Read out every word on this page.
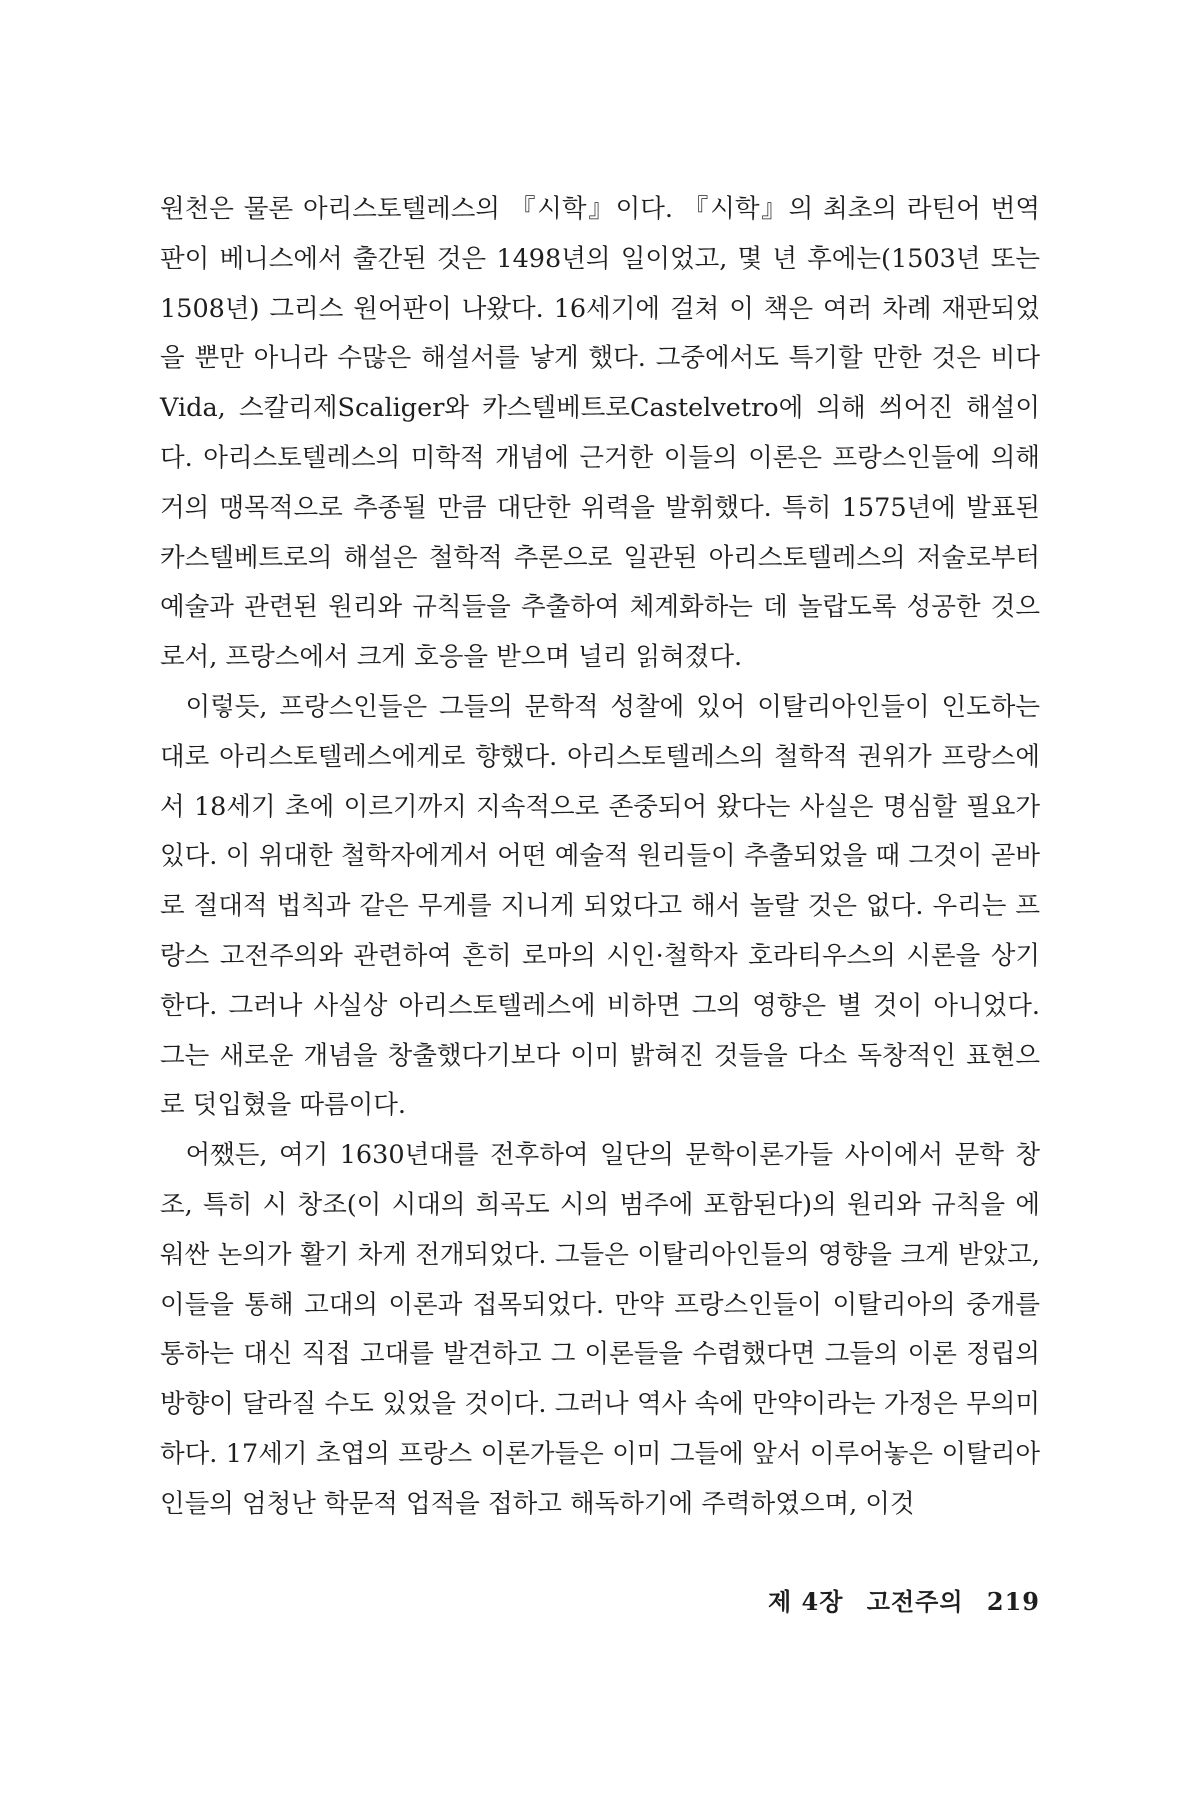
원천은 물론 아리스토텔레스의 『시학』이다. 『시학』의 최초의 라틴어 번역판이 베니스에서 출간된 것은 1498년의 일이었고, 몇 년 후에는(1503년 또는 1508년) 그리스 원어판이 나왔다. 16세기에 걸쳐 이 책은 여러 차례 재판되었을 뿐만 아니라 수많은 해설서를 낳게 했다. 그중에서도 특기할 만한 것은 비다Vida, 스칼리제Scaliger와 카스텔베트로Castelvetro에 의해 씌어진 해설이다. 아리스토텔레스의 미학적 개념에 근거한 이들의 이론은 프랑스인들에 의해 거의 맹목적으로 추종될 만큼 대단한 위력을 발휘했다. 특히 1575년에 발표된 카스텔베트로의 해설은 철학적 추론으로 일관된 아리스토텔레스의 저술로부터 예술과 관련된 원리와 규칙들을 추출하여 체계화하는 데 놀랍도록 성공한 것으로서, 프랑스에서 크게 호응을 받으며 널리 읽혀졌다.

이렇듯, 프랑스인들은 그들의 문학적 성찰에 있어 이탈리아인들이 인도하는 대로 아리스토텔레스에게로 향했다. 아리스토텔레스의 철학적 권위가 프랑스에서 18세기 초에 이르기까지 지속적으로 존중되어 왔다는 사실은 명심할 필요가 있다. 이 위대한 철학자에게서 어떤 예술적 원리들이 추출되었을 때 그것이 곧바로 절대적 법칙과 같은 무게를 지니게 되었다고 해서 놀랄 것은 없다. 우리는 프랑스 고전주의와 관련하여 흔히 로마의 시인·철학자 호라티우스의 시론을 상기한다. 그러나 사실상 아리스토텔레스에 비하면 그의 영향은 별 것이 아니었다. 그는 새로운 개념을 창출했다기보다 이미 밝혀진 것들을 다소 독창적인 표현으로 덧입혔을 따름이다.

어쨌든, 여기 1630년대를 전후하여 일단의 문학이론가들 사이에서 문학 창조, 특히 시 창조(이 시대의 희곡도 시의 범주에 포함된다)의 원리와 규칙을 에워싼 논의가 활기 차게 전개되었다. 그들은 이탈리아인들의 영향을 크게 받았고, 이들을 통해 고대의 이론과 접목되었다. 만약 프랑스인들이 이탈리아의 중개를 통하는 대신 직접 고대를 발견하고 그 이론들을 수렴했다면 그들의 이론 정립의 방향이 달라질 수도 있었을 것이다. 그러나 역사 속에 만약이라는 가정은 무의미하다. 17세기 초엽의 프랑스 이론가들은 이미 그들에 앞서 이루어놓은 이탈리아인들의 엄청난 학문적 업적을 접하고 해독하기에 주력하였으며, 이것

제 4장 고전주의 219
